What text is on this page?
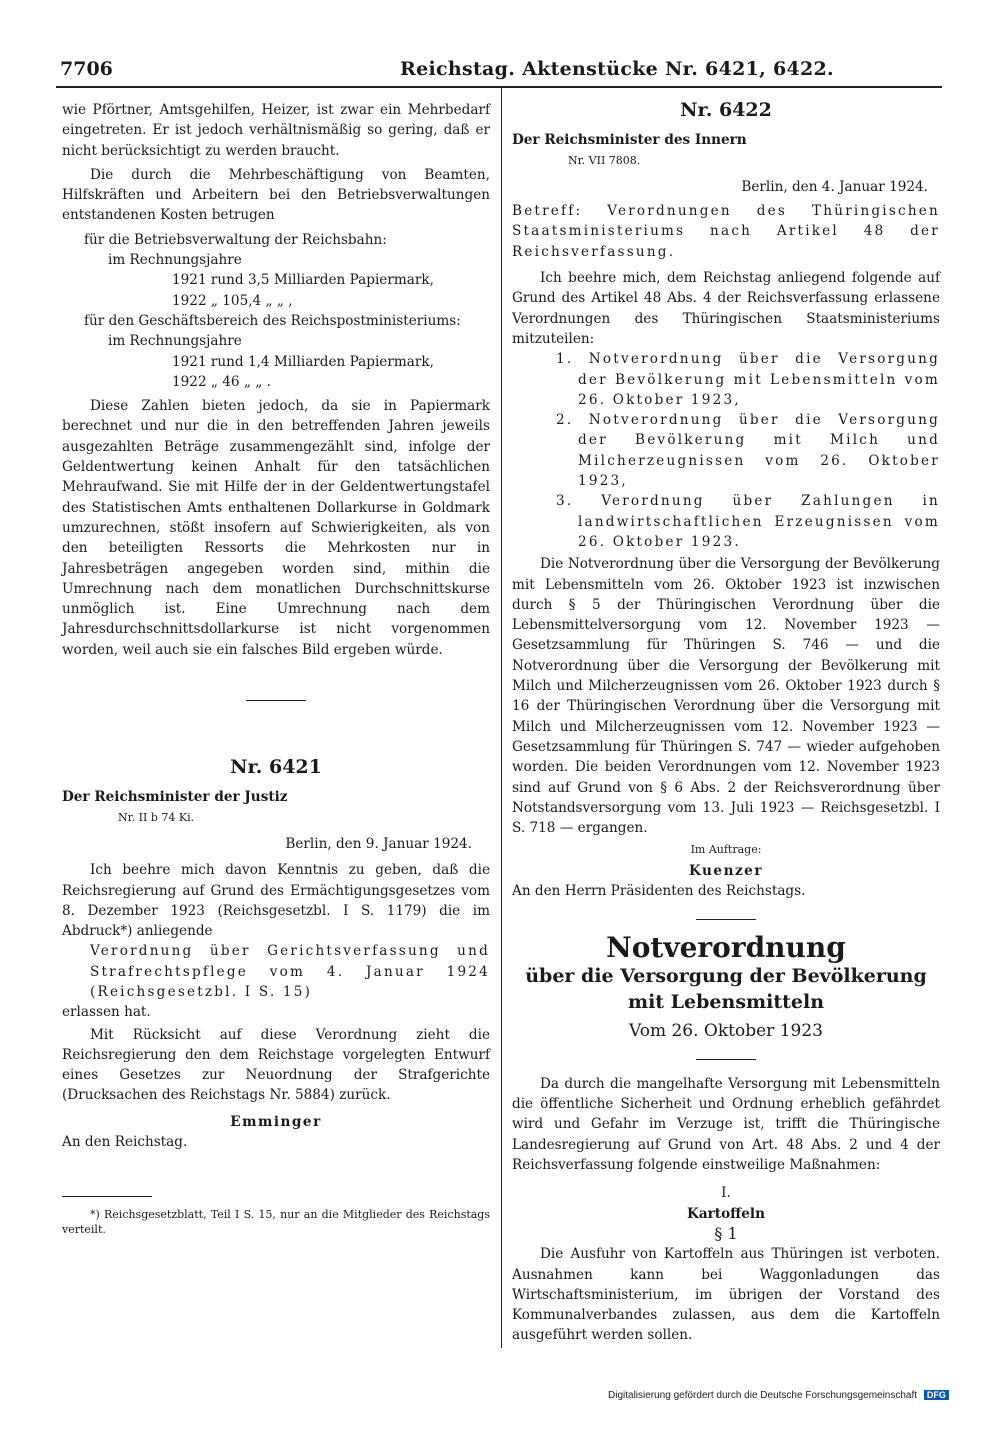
7706	Reichstag. Aktenstücke Nr. 6421, 6422.

wie Pförtner, Amtsgehilfen, Heizer, ist zwar ein Mehrbedarf eingetreten. Er ist jedoch verhältnismäßig so gering, daß er nicht berücksichtigt zu werden braucht.

Die durch die Mehrbeschäftigung von Beamten, Hilfskräften und Arbeitern bei den Betriebsverwaltungen entstandenen Kosten betrugen

für die Betriebsverwaltung der Reichsbahn:

im Rechnungsjahre

1921 rund 3,5 Milliarden Papiermark,

1922 „ 105,4 „ „ ,

für den Geschäftsbereich des Reichspostministeriums:

im Rechnungsjahre

1921 rund 1,4 Milliarden Papiermark,

1922 „ 46 „ „ .

Diese Zahlen bieten jedoch, da sie in Papiermark berechnet und nur die in den betreffenden Jahren jeweils ausgezahlten Beträge zusammengezählt sind, infolge der Geldentwertung keinen Anhalt für den tatsächlichen Mehraufwand. Sie mit Hilfe der in der Geldentwertungstafel des Statistischen Amts enthaltenen Dollarkurse in Goldmark umzurechnen, stößt insofern auf Schwierigkeiten, als von den beteiligten Ressorts die Mehrkosten nur in Jahresbeträgen angegeben worden sind, mithin die Umrechnung nach dem monatlichen Durchschnittskurse unmöglich ist. Eine Umrechnung nach dem Jahresdurchschnittsdollarkurse ist nicht vorgenommen worden, weil auch sie ein falsches Bild ergeben würde.

Nr. 6421

Der Reichsminister der Justiz

Nr. II b 74 Ki.

Berlin, den 9. Januar 1924.

Ich beehre mich davon Kenntnis zu geben, daß die Reichsregierung auf Grund des Ermächtigungsgesetzes vom 8. Dezember 1923 (Reichsgesetzbl. I S. 1179) die im Abdruck*) anliegende

Verordnung über Gerichtsverfassung und Strafrechtspflege vom 4. Januar 1924 (Reichsgesetzbl. I S. 15)

erlassen hat.

Mit Rücksicht auf diese Verordnung zieht die Reichsregierung den dem Reichstage vorgelegten Entwurf eines Gesetzes zur Neuordnung der Strafgerichte (Drucksachen des Reichstags Nr. 5884) zurück.

Emminger

An den Reichstag.

*) Reichsgesetzblatt, Teil I S. 15, nur an die Mitglieder des Reichstags verteilt.

Nr. 6422

Der Reichsminister des Innern

Nr. VII 7808.

Berlin, den 4. Januar 1924.

Betreff: Verordnungen des Thüringischen Staatsministeriums nach Artikel 48 der Reichsverfassung.

Ich beehre mich, dem Reichstag anliegend folgende auf Grund des Artikel 48 Abs. 4 der Reichsverfassung erlassene Verordnungen des Thüringischen Staatsministeriums mitzuteilen:

1. Notverordnung über die Versorgung der Bevölkerung mit Lebensmitteln vom 26. Oktober 1923,

2. Notverordnung über die Versorgung der Bevölkerung mit Milch und Milcherzeugnissen vom 26. Oktober 1923,

3. Verordnung über Zahlungen in landwirtschaftlichen Erzeugnissen vom 26. Oktober 1923.

Die Notverordnung über die Versorgung der Bevölkerung mit Lebensmitteln vom 26. Oktober 1923 ist inzwischen durch § 5 der Thüringischen Verordnung über die Lebensmittelversorgung vom 12. November 1923 — Gesetzsammlung für Thüringen S. 746 — und die Notverordnung über die Versorgung der Bevölkerung mit Milch und Milcherzeugnissen vom 26. Oktober 1923 durch § 16 der Thüringischen Verordnung über die Versorgung mit Milch und Milcherzeugnissen vom 12. November 1923 — Gesetzsammlung für Thüringen S. 747 — wieder aufgehoben worden. Die beiden Verordnungen vom 12. November 1923 sind auf Grund von § 6 Abs. 2 der Reichsverordnung über Notstandsversorgung vom 13. Juli 1923 — Reichsgesetzbl. I S. 718 — ergangen.

Im Auftrage:

Kuenzer

An den Herrn Präsidenten des Reichstags.

Notverordnung
über die Versorgung der Bevölkerung
mit Lebensmitteln
Vom 26. Oktober 1923

Da durch die mangelhafte Versorgung mit Lebensmitteln die öffentliche Sicherheit und Ordnung erheblich gefährdet wird und Gefahr im Verzuge ist, trifft die Thüringische Landesregierung auf Grund von Art. 48 Abs. 2 und 4 der Reichsverfassung folgende einstweilige Maßnahmen:

I.

Kartoffeln

§ 1

Die Ausfuhr von Kartoffeln aus Thüringen ist verboten. Ausnahmen kann bei Waggonladungen das Wirtschaftsministerium, im übrigen der Vorstand des Kommunalverbandes zulassen, aus dem die Kartoffeln ausgeführt werden sollen.

Digitalisierung gefördert durch die Deutsche Forschungsgemeinschaft DFG
